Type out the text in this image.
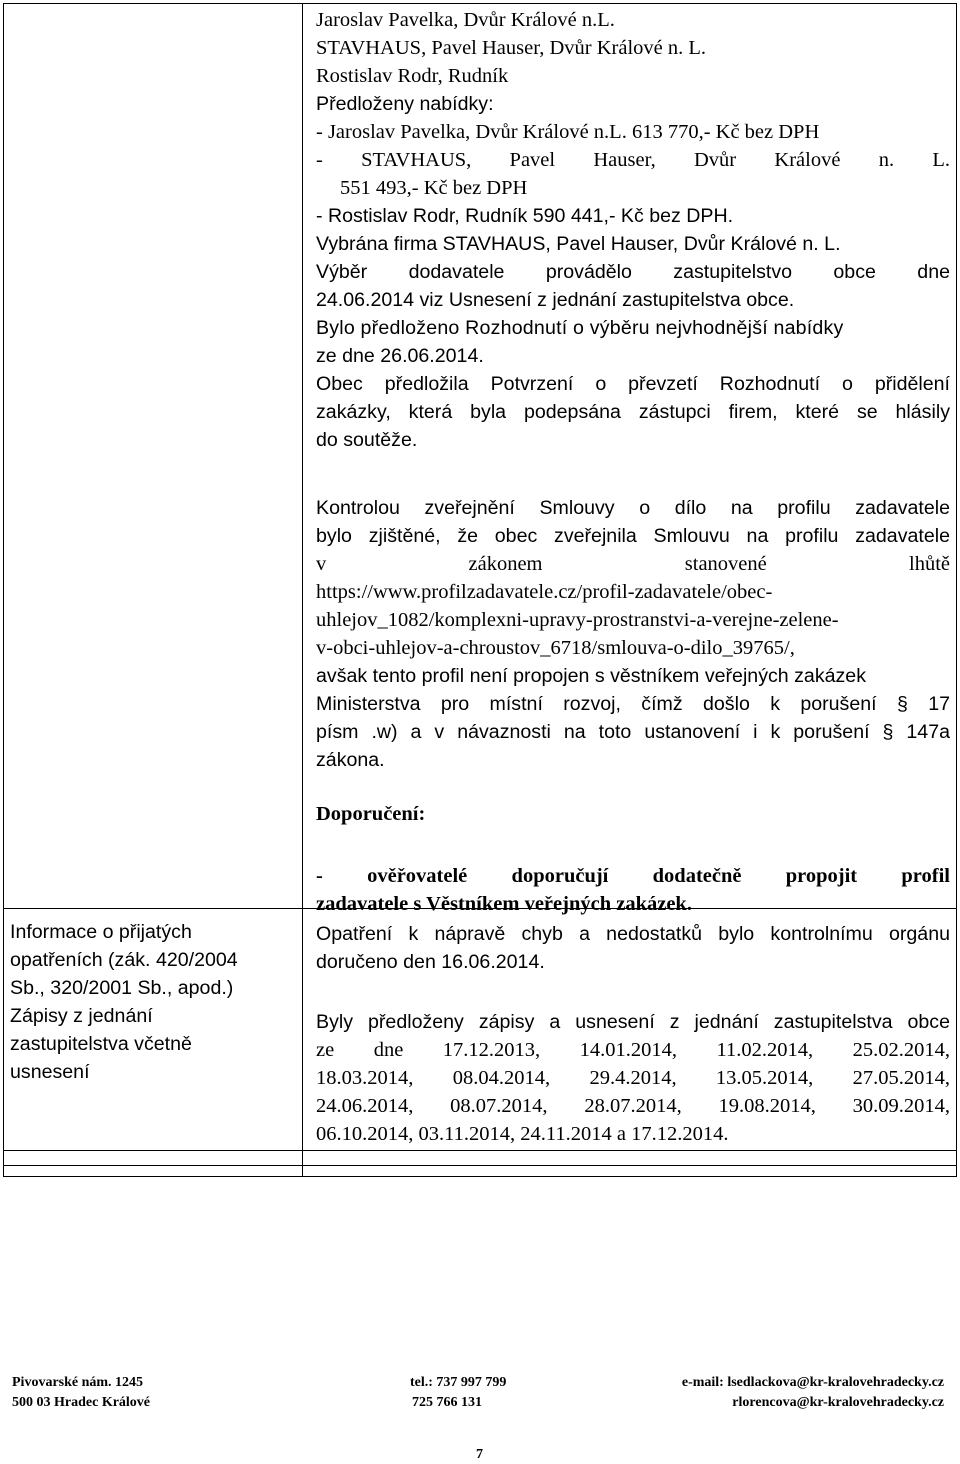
Jaroslav Pavelka, Dvůr Králové n.L.
STAVHAUS, Pavel Hauser, Dvůr Králové n. L.
Rostislav Rodr, Rudník
Předloženy nabídky:
- Jaroslav Pavelka, Dvůr Králové n.L. 613 770,- Kč bez DPH
- STAVHAUS, Pavel Hauser, Dvůr Králové n. L.
551 493,- Kč bez DPH
- Rostislav Rodr, Rudník 590 441,- Kč bez DPH.
Vybrána firma STAVHAUS, Pavel Hauser, Dvůr Králové n. L.
Výběr dodavatele provádělo zastupitelstvo obce dne
24.06.2014 viz Usnesení z jednání zastupitelstva obce.
Bylo předloženo Rozhodnutí o výběru nejvhodnější nabídky
ze dne 26.06.2014.
Obec předložila Potvrzení o převzetí Rozhodnutí o přidělení
zakázky, která byla podepsána zástupci firem, které se hlásily
do soutěže.
Kontrolou zveřejnění Smlouvy o dílo na profilu zadavatele
bylo zjištěné, že obec zveřejnila Smlouvu na profilu zadavatele
v zákonem stanovené lhůtě
https://www.profilzadavatele.cz/profil-zadavatele/obec-
uhlejov_1082/komplexni-upravy-prostranstvi-a-verejne-zelene-
v-obci-uhlejov-a-chroustov_6718/smlouva-o-dilo_39765/,
avšak tento profil není propojen s věstníkem veřejných zakázek
Ministerstva pro místní rozvoj, čímž došlo k porušení § 17
písm .w) a v návaznosti na toto ustanovení i k porušení § 147a
zákona.
Doporučení:
- ověřovatelé doporučují dodatečně propojit profil
zadavatele s Věstníkem veřejných zakázek.
Opatření k nápravě chyb a nedostatků bylo kontrolnímu orgánu
doručeno den 16.06.2014.
Byly předloženy zápisy a usnesení z jednání zastupitelstva obce
ze dne 17.12.2013, 14.01.2014, 11.02.2014, 25.02.2014,
18.03.2014, 08.04.2014, 29.4.2014, 13.05.2014, 27.05.2014,
24.06.2014, 08.07.2014, 28.07.2014, 19.08.2014, 30.09.2014,
06.10.2014, 03.11.2014, 24.11.2014 a 17.12.2014.
Informace o přijatých
opatřeních (zák. 420/2004
Sb., 320/2001 Sb., apod.)
Zápisy z jednání
zastupitelstva včetně
usnesení
Pivovarské nám. 1245
500 03 Hradec Králové
tel.: 737 997 799
725 766 131
e-mail: lsedlackova@kr-kralovehradecky.cz
rlorencova@kr-kralovehradecky.cz
7
